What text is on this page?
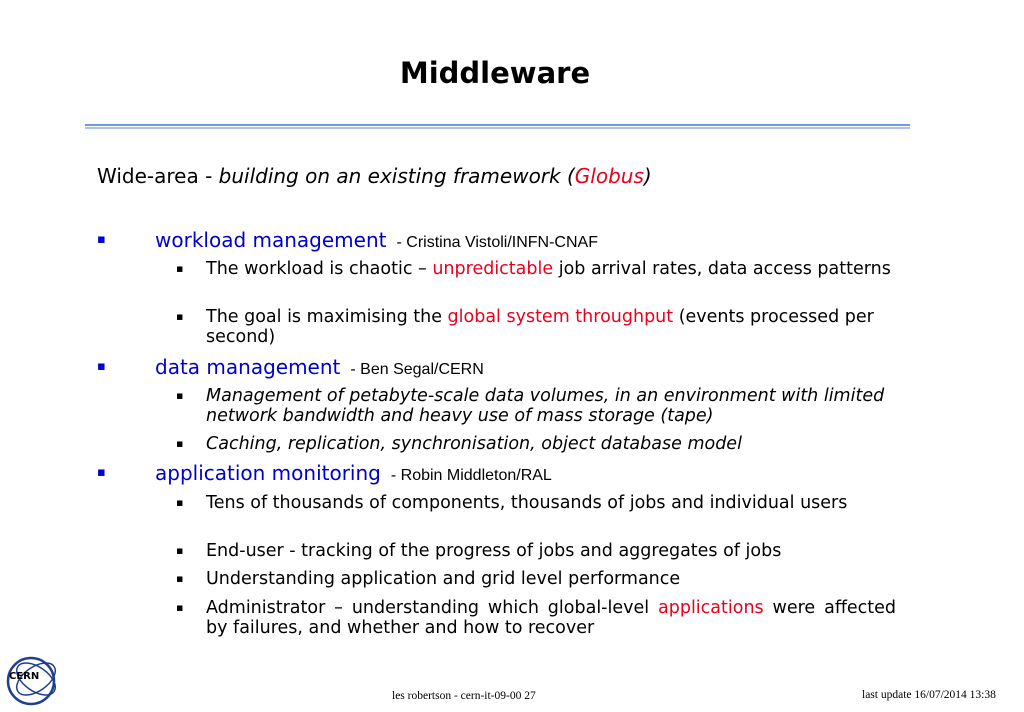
Middleware
Wide-area - building on an existing framework (Globus)
▪ workload management - Cristina Vistoli/INFN-CNAF
▪ The workload is chaotic – unpredictable job arrival rates, data access patterns
▪ The goal is maximising the global system throughput (events processed per second)
▪ data management - Ben Segal/CERN
▪ Management of petabyte-scale data volumes, in an environment with limited network bandwidth and heavy use of mass storage (tape)
▪ Caching, replication, synchronisation, object database model
▪ application monitoring - Robin Middleton/RAL
▪ Tens of thousands of components, thousands of jobs and individual users
▪ End-user - tracking of the progress of jobs and aggregates of jobs
▪ Understanding application and grid level performance
▪ Administrator – understanding which global-level applications were affected by failures, and whether and how to recover
CERN
les robertson - cern-it-09-00 27	last update 16/07/2014 13:38
